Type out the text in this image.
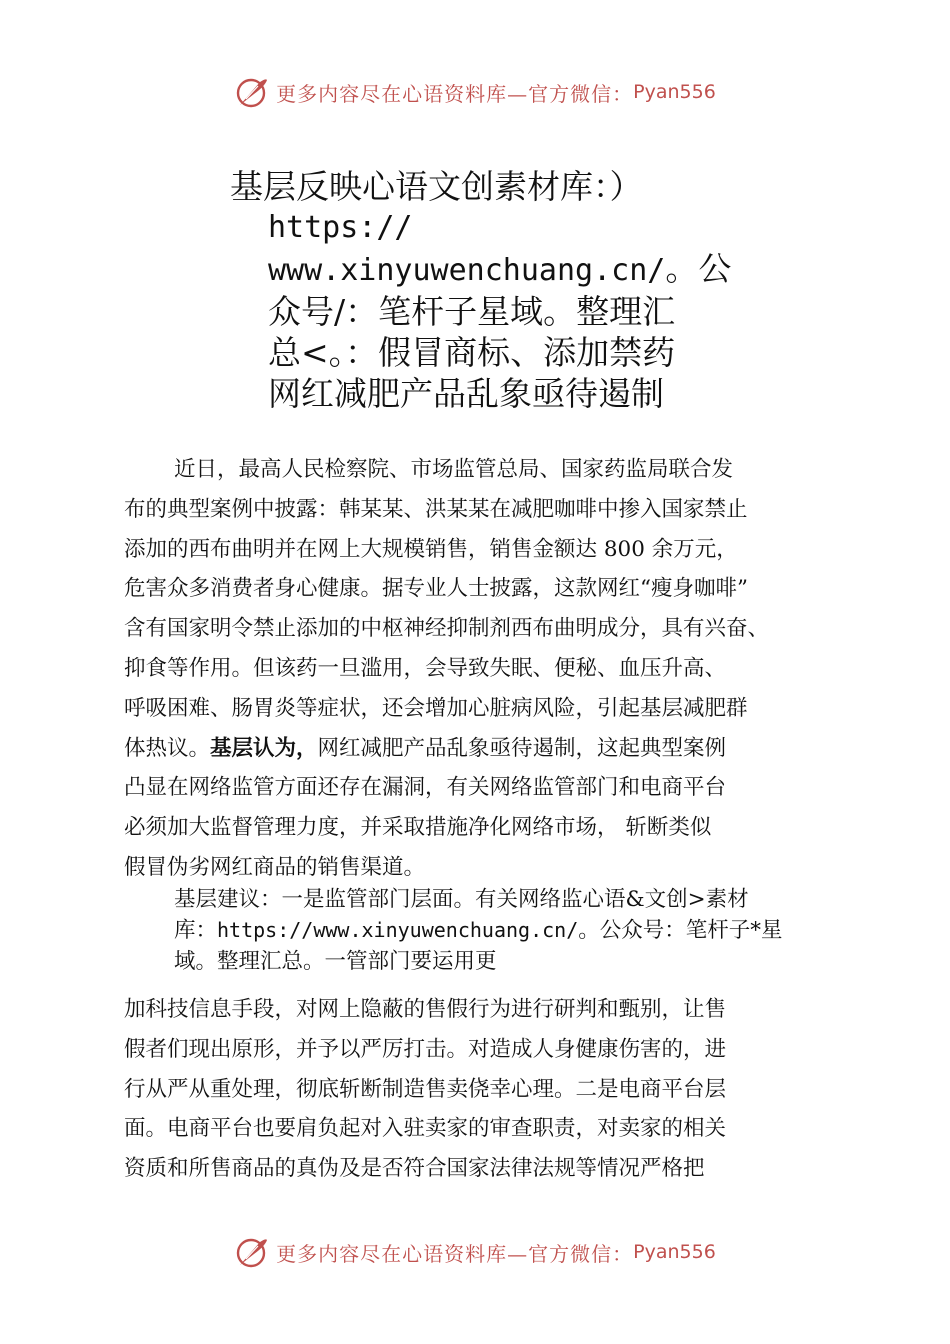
更多内容尽在心语资料库—官方微信： Pyan556
基层反映心语文创素材库：）
https://
www.xinyuwenchuang.cn/。公
众号/：笔杆子星域。整理汇
总<。：假冒商标、添加禁药
网红减肥产品乱象亟待遏制
近日，最高人民检察院、市场监管总局、国家药监局联合发
布的典型案例中披露：韩某某、洪某某在减肥咖啡中掺入国家禁止
添加的西布曲明并在网上大规模销售，销售金额达 800 余万元，
危害众多消费者身心健康。据专业人士披露，这款网红“瘦身咖啡”
含有国家明令禁止添加的中枢神经抑制剂西布曲明成分，具有兴奋、
抑食等作用。但该药一旦滥用，会导致失眠、便秘、血压升高、
呼吸困难、肠胃炎等症状，还会增加心脏病风险，引起基层减肥群
体热议。基层认为，网红减肥产品乱象亟待遏制，这起典型案例
凸显在网络监管方面还存在漏洞，有关网络监管部门和电商平台
必须加大监督管理力度，并采取措施净化网络市场， 斩断类似
假冒伪劣网红商品的销售渠道。
基层建议：一是监管部门层面。有关网络监心语&文创>素材
库：https://www.xinyuwenchuang.cn/。公众号：笔杆子*星
域。整理汇总。一管部门要运用更
加科技信息手段，对网上隐蔽的售假行为进行研判和甄别，让售
假者们现出原形，并予以严厉打击。对造成人身健康伤害的，进
行从严从重处理，彻底斩断制造售卖侥幸心理。二是电商平台层
面。电商平台也要肩负起对入驻卖家的审查职责，对卖家的相关
资质和所售商品的真伪及是否符合国家法律法规等情况严格把
更多内容尽在心语资料库—官方微信： Pyan556
